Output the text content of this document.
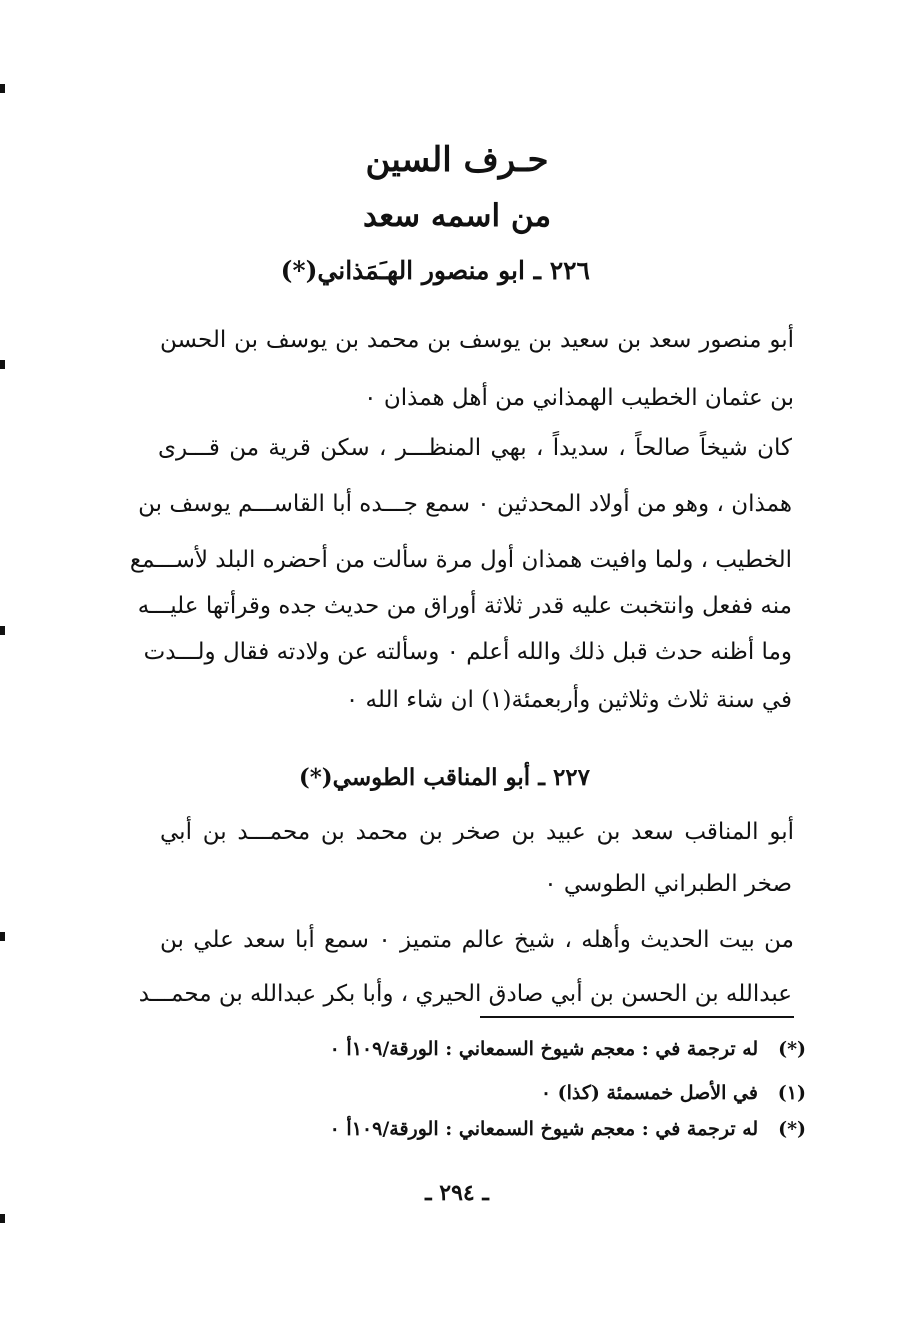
حـرف السين
من اسمه سعد
٢٢٦ ـ ابو منصور الهـَمَذاني(*)
أبو منصور سعد بن سعيد بن يوسف بن محمد بن يوسف بن الحسن
بن عثمان الخطيب الهمذاني من أهل همذان ٠
كان شيخاً صالحاً ، سديداً ، بهي المنظـــر ، سكن قرية من قـــرى
همذان ، وهو من أولاد المحدثين ٠ سمع جـــده أبا القاســـم يوسف بن
الخطيب ، ولما وافيت همذان أول مرة سألت من أحضره البلد لأســـمع
منه ففعل وانتخبت عليه قدر ثلاثة أوراق من حديث جده وقرأتها عليـــه
وما أظنه حدث قبل ذلك والله أعلم ٠ وسألته عن ولادته فقال ولـــدت
في سنة ثلاث وثلاثين وأربعمئة(١) ان شاء الله ٠
٢٢٧ ـ أبو المناقب الطوسي(*)
أبو المناقب سعد بن عبيد بن صخر بن محمد بن محمـــد بن أبي
صخر الطبراني الطوسي ٠
من بيت الحديث وأهله ، شيخ عالم متميز ٠ سمع أبا سعد علي بن
عبدالله بن الحسن بن أبي صادق الحيري ، وأبا بكر عبدالله بن محمـــد
(*)   له ترجمة في : معجم شيوخ السمعاني : الورقة/١٠٩أ ٠
(١)   في الأصل خمسمئة (كذا) ٠
(*)   له ترجمة في : معجم شيوخ السمعاني : الورقة/١٠٩أ ٠
ـ ٢٩٤ ـ
